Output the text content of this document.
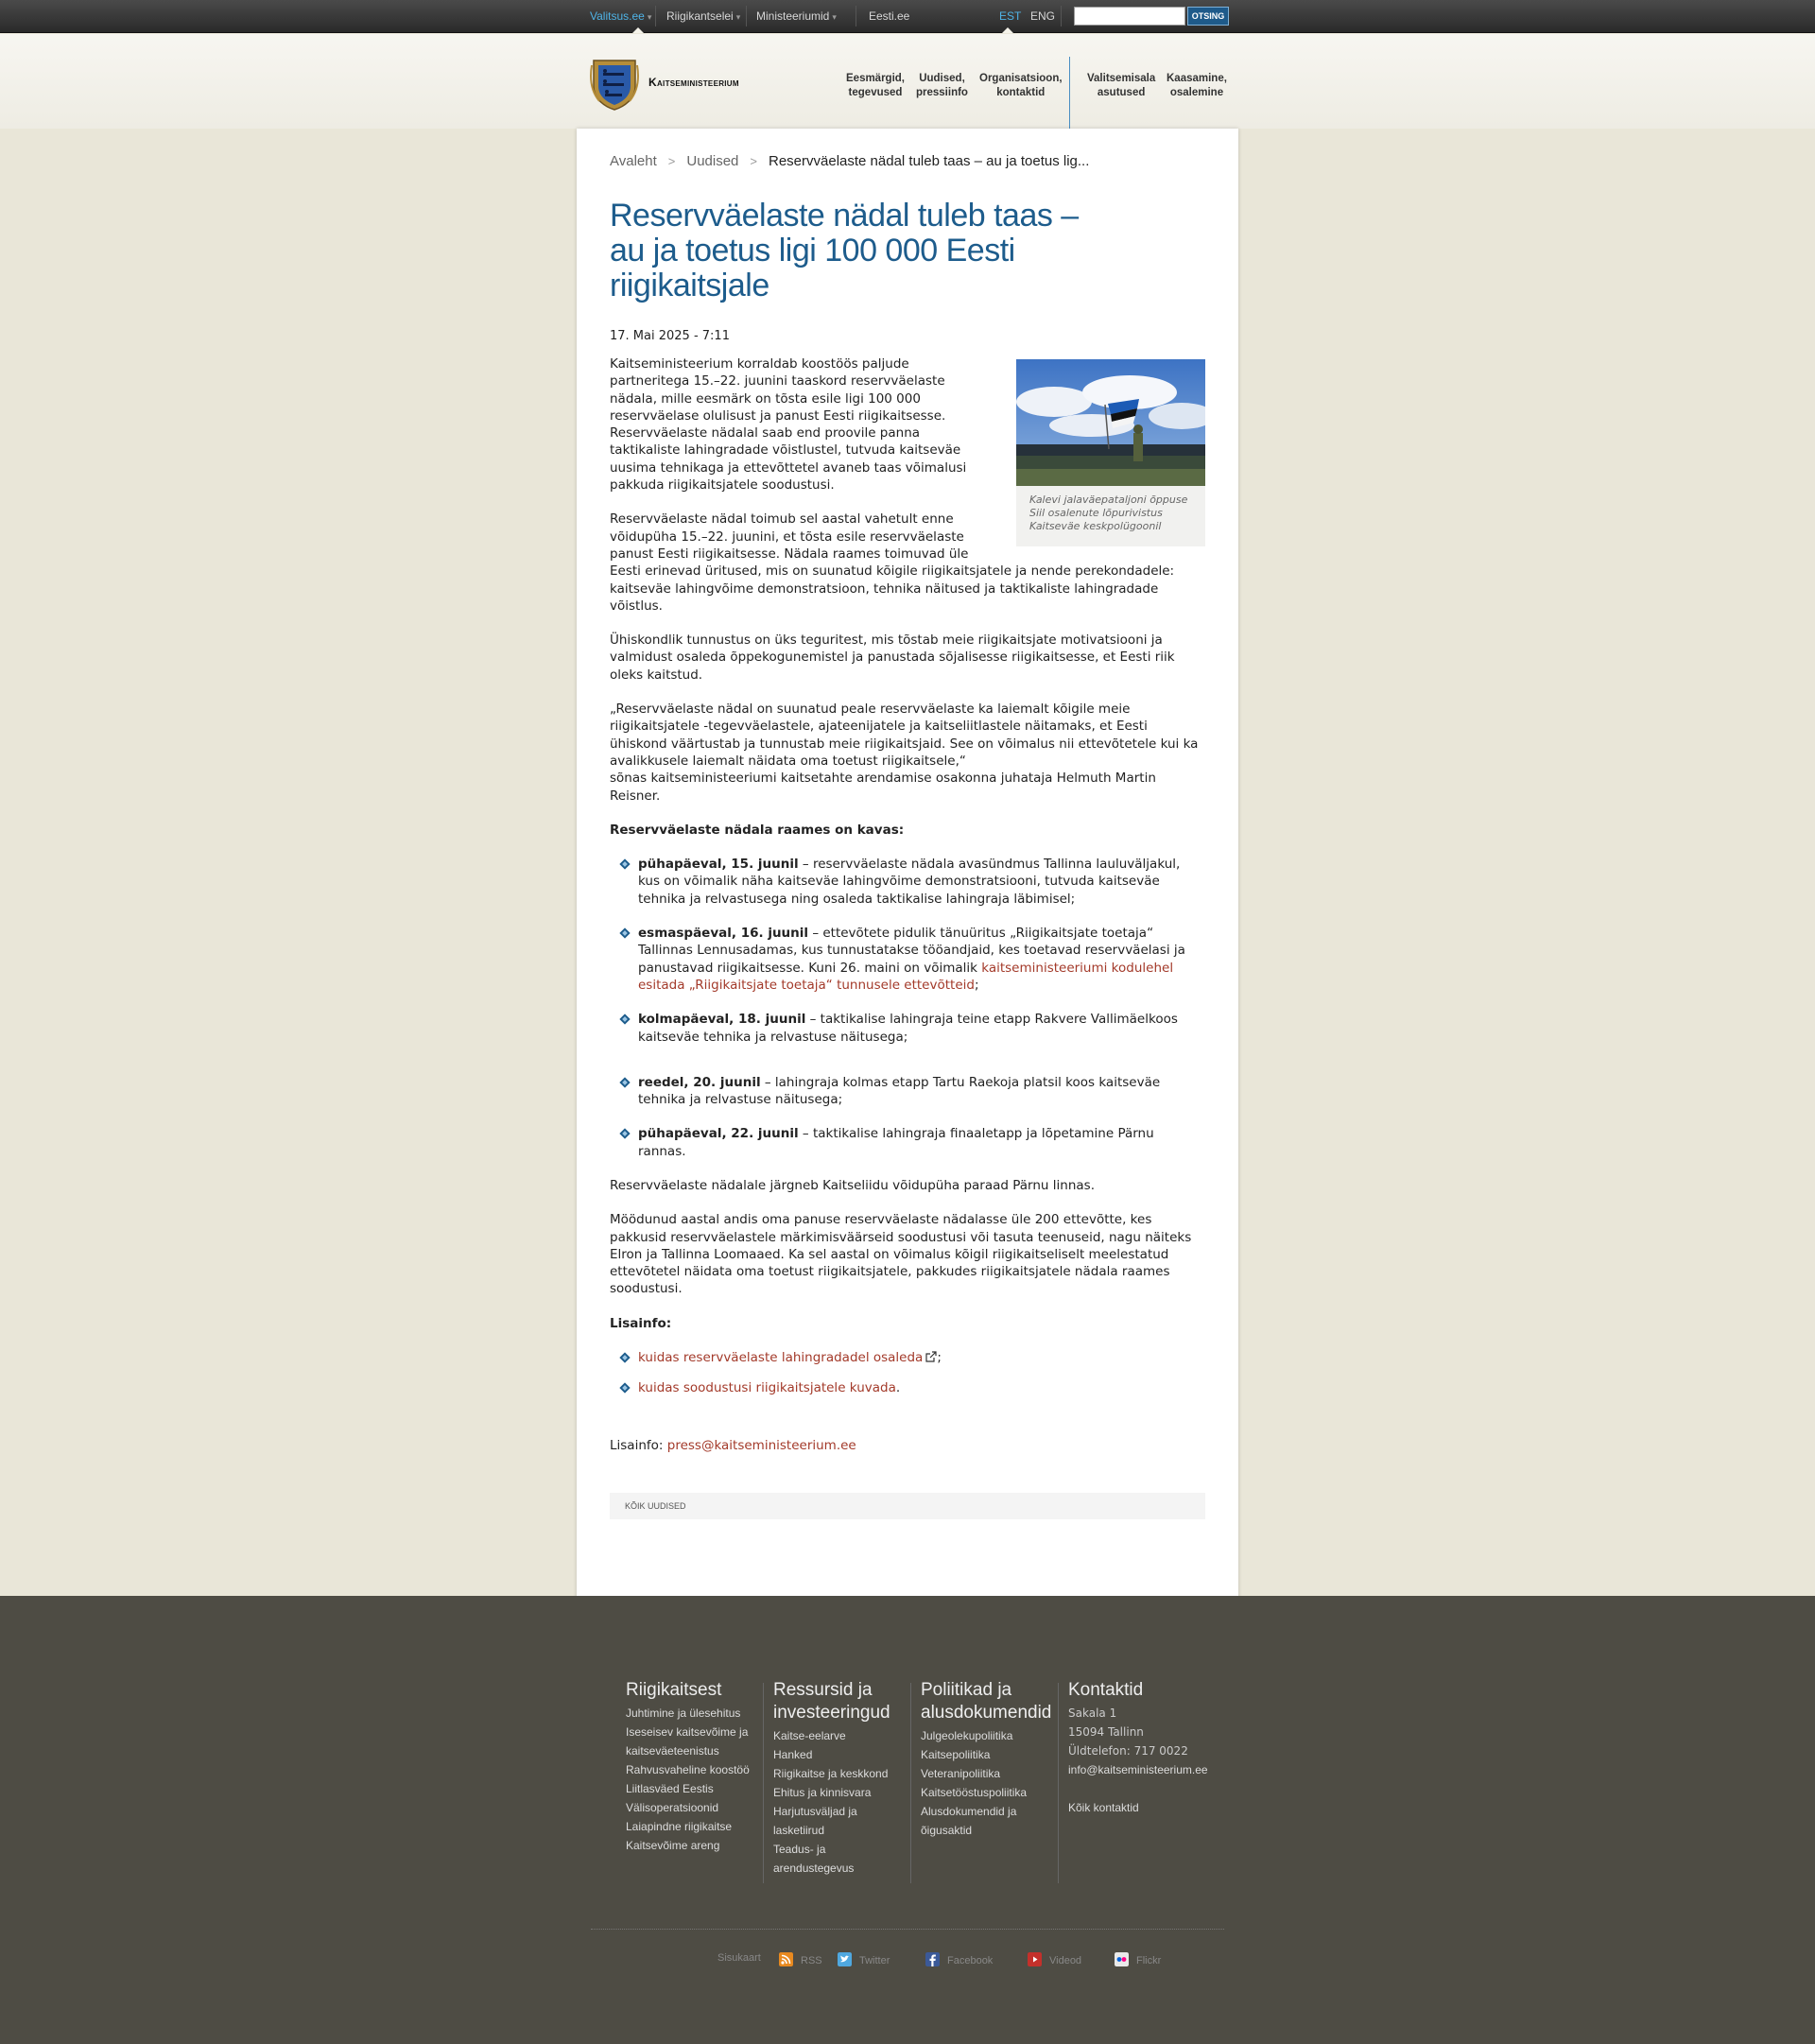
Valitsus.ee ▾ Riigikantselei ▾ Ministeeriumid ▾	Eesti.ee	EST ENG	OTSING
Kaitseministeerium	Eesmärgid,
tegevused
Uudised,
pressiinfo
Organisatsioon,
kontaktid
Valitsemisala
asutused
Kaasamine,
osalemine
Avaleht > Uudised > Reservväelaste nädal tuleb taas – au ja toetus lig...
Reservväelaste nädal tuleb taas – au ja toetus ligi 100 000 Eesti riigikaitsjale
17. Mai 2025 - 7:11
Kalevi jalaväepataljoni õppuse Siil osalenute lõpurivistus Kaitseväe keskpolügoonil

Kaitseministeerium korraldab koostöös paljude partneritega 15.–22. juunini taaskord reservväelaste nädala, mille eesmärk on tõsta esile ligi 100 000 reservväelase olulisust ja panust Eesti riigikaitsesse. Reservväelaste nädalal saab end proovile panna taktikaliste lahingradade võistlustel, tutvuda kaitseväe uusima tehnikaga ja ettevõttetel avaneb taas võimalusi pakkuda riigikaitsjatele soodustusi.

Reservväelaste nädal toimub sel aastal vahetult enne võidupüha 15.–22. juunini, et tõsta esile reservväelaste panust Eesti riigikaitsesse. Nädala raames toimuvad üle Eesti erinevad üritused, mis on suunatud kõigile riigikaitsjatele ja nende perekondadele: kaitseväe lahingvõime demonstratsioon, tehnika näitused ja taktikaliste lahingradade võistlus.

Ühiskondlik tunnustus on üks teguritest, mis tõstab meie riigikaitsjate motivatsiooni ja valmidust osaleda õppekogunemistel ja panustada sõjalisesse riigikaitsesse, et Eesti riik oleks kaitstud.

„Reservväelaste nädal on suunatud peale reservväelaste ka laiemalt kõigile meie riigikaitsjatele -tegevväelastele, ajateenijatele ja kaitseliitlastele näitamaks, et Eesti ühiskond väärtustab ja tunnustab meie riigikaitsjaid. See on võimalus nii ettevõtetele kui ka avalikkusele laiemalt näidata oma toetust riigikaitsele,“
sõnas kaitseministeeriumi kaitsetahte arendamise osakonna juhataja Helmuth Martin Reisner.

Reservväelaste nädala raames on kavas:
pühapäeval, 15. juunil – reservväelaste nädala avasündmus Tallinna lauluväljakul, kus on võimalik näha kaitseväe lahingvõime demonstratsiooni, tutvuda kaitseväe tehnika ja relvastusega ning osaleda taktikalise lahingraja läbimisel;
esmaspäeval, 16. juunil – ettevõtete pidulik tänuüritus „Riigikaitsjate toetaja“ Tallinnas Lennusadamas, kus tunnustatakse tööandjaid, kes toetavad reservväelasi ja panustavad riigikaitsesse. Kuni 26. maini on võimalik kaitseministeeriumi kodulehel esitada „Riigikaitsjate toetaja“ tunnusele ettevõtteid;
kolmapäeval, 18. juunil – taktikalise lahingraja teine etapp Rakvere Vallimäelkoos kaitseväe tehnika ja relvastuse näitusega;
reedel, 20. juunil – lahingraja kolmas etapp Tartu Raekoja platsil koos kaitseväe tehnika ja relvastuse näitusega;
pühapäeval, 22. juunil – taktikalise lahingraja finaaletapp ja lõpetamine Pärnu rannas.

Reservväelaste nädalale järgneb Kaitseliidu võidupüha paraad Pärnu linnas.

Möödunud aastal andis oma panuse reservväelaste nädalasse üle 200 ettevõtte, kes pakkusid reservväelastele märkimisväärseid soodustusi või tasuta teenuseid, nagu näiteks Elron ja Tallinna Loomaaed. Ka sel aastal on võimalus kõigil riigikaitseliselt meelestatud ettevõtetel näidata oma toetust riigikaitsjatele, pakkudes riigikaitsjatele nädala raames soodustusi.

Lisainfo:
kuidas reservväelaste lahingradadel osaleda ;
kuidas soodustusi riigikaitsjatele kuvada.

Lisainfo: press@kaitseministeerium.ee

KÕIK UUDISED
Riigikaitsest
Juhtimine ja ülesehitus
Iseseisev kaitsevõime ja
kaitseväeteenistus
Rahvusvaheline koostöö
Liitlasväed Eestis
Välisoperatsioonid
Laiapindne riigikaitse
Kaitsevõime areng
Ressursid ja
investeeringud
Kaitse-eelarve
Hanked
Riigikaitse ja keskkond
Ehitus ja kinnisvara
Harjutusväljad ja
lasketiirud
Teadus- ja
arendustegevus
Poliitikad ja
alusdokumendid
Julgeolekupoliitika
Kaitsepoliitika
Veteranipoliitika
Kaitsetööstuspoliitika
Alusdokumendid ja
õigusaktid
Kontaktid
Sakala 1
15094 Tallinn
Üldtelefon: 717 0022
info@kaitseministeerium.ee
Kõik kontaktid
Sisukaart	RSS	Twitter	Facebook	Videod	Flickr
